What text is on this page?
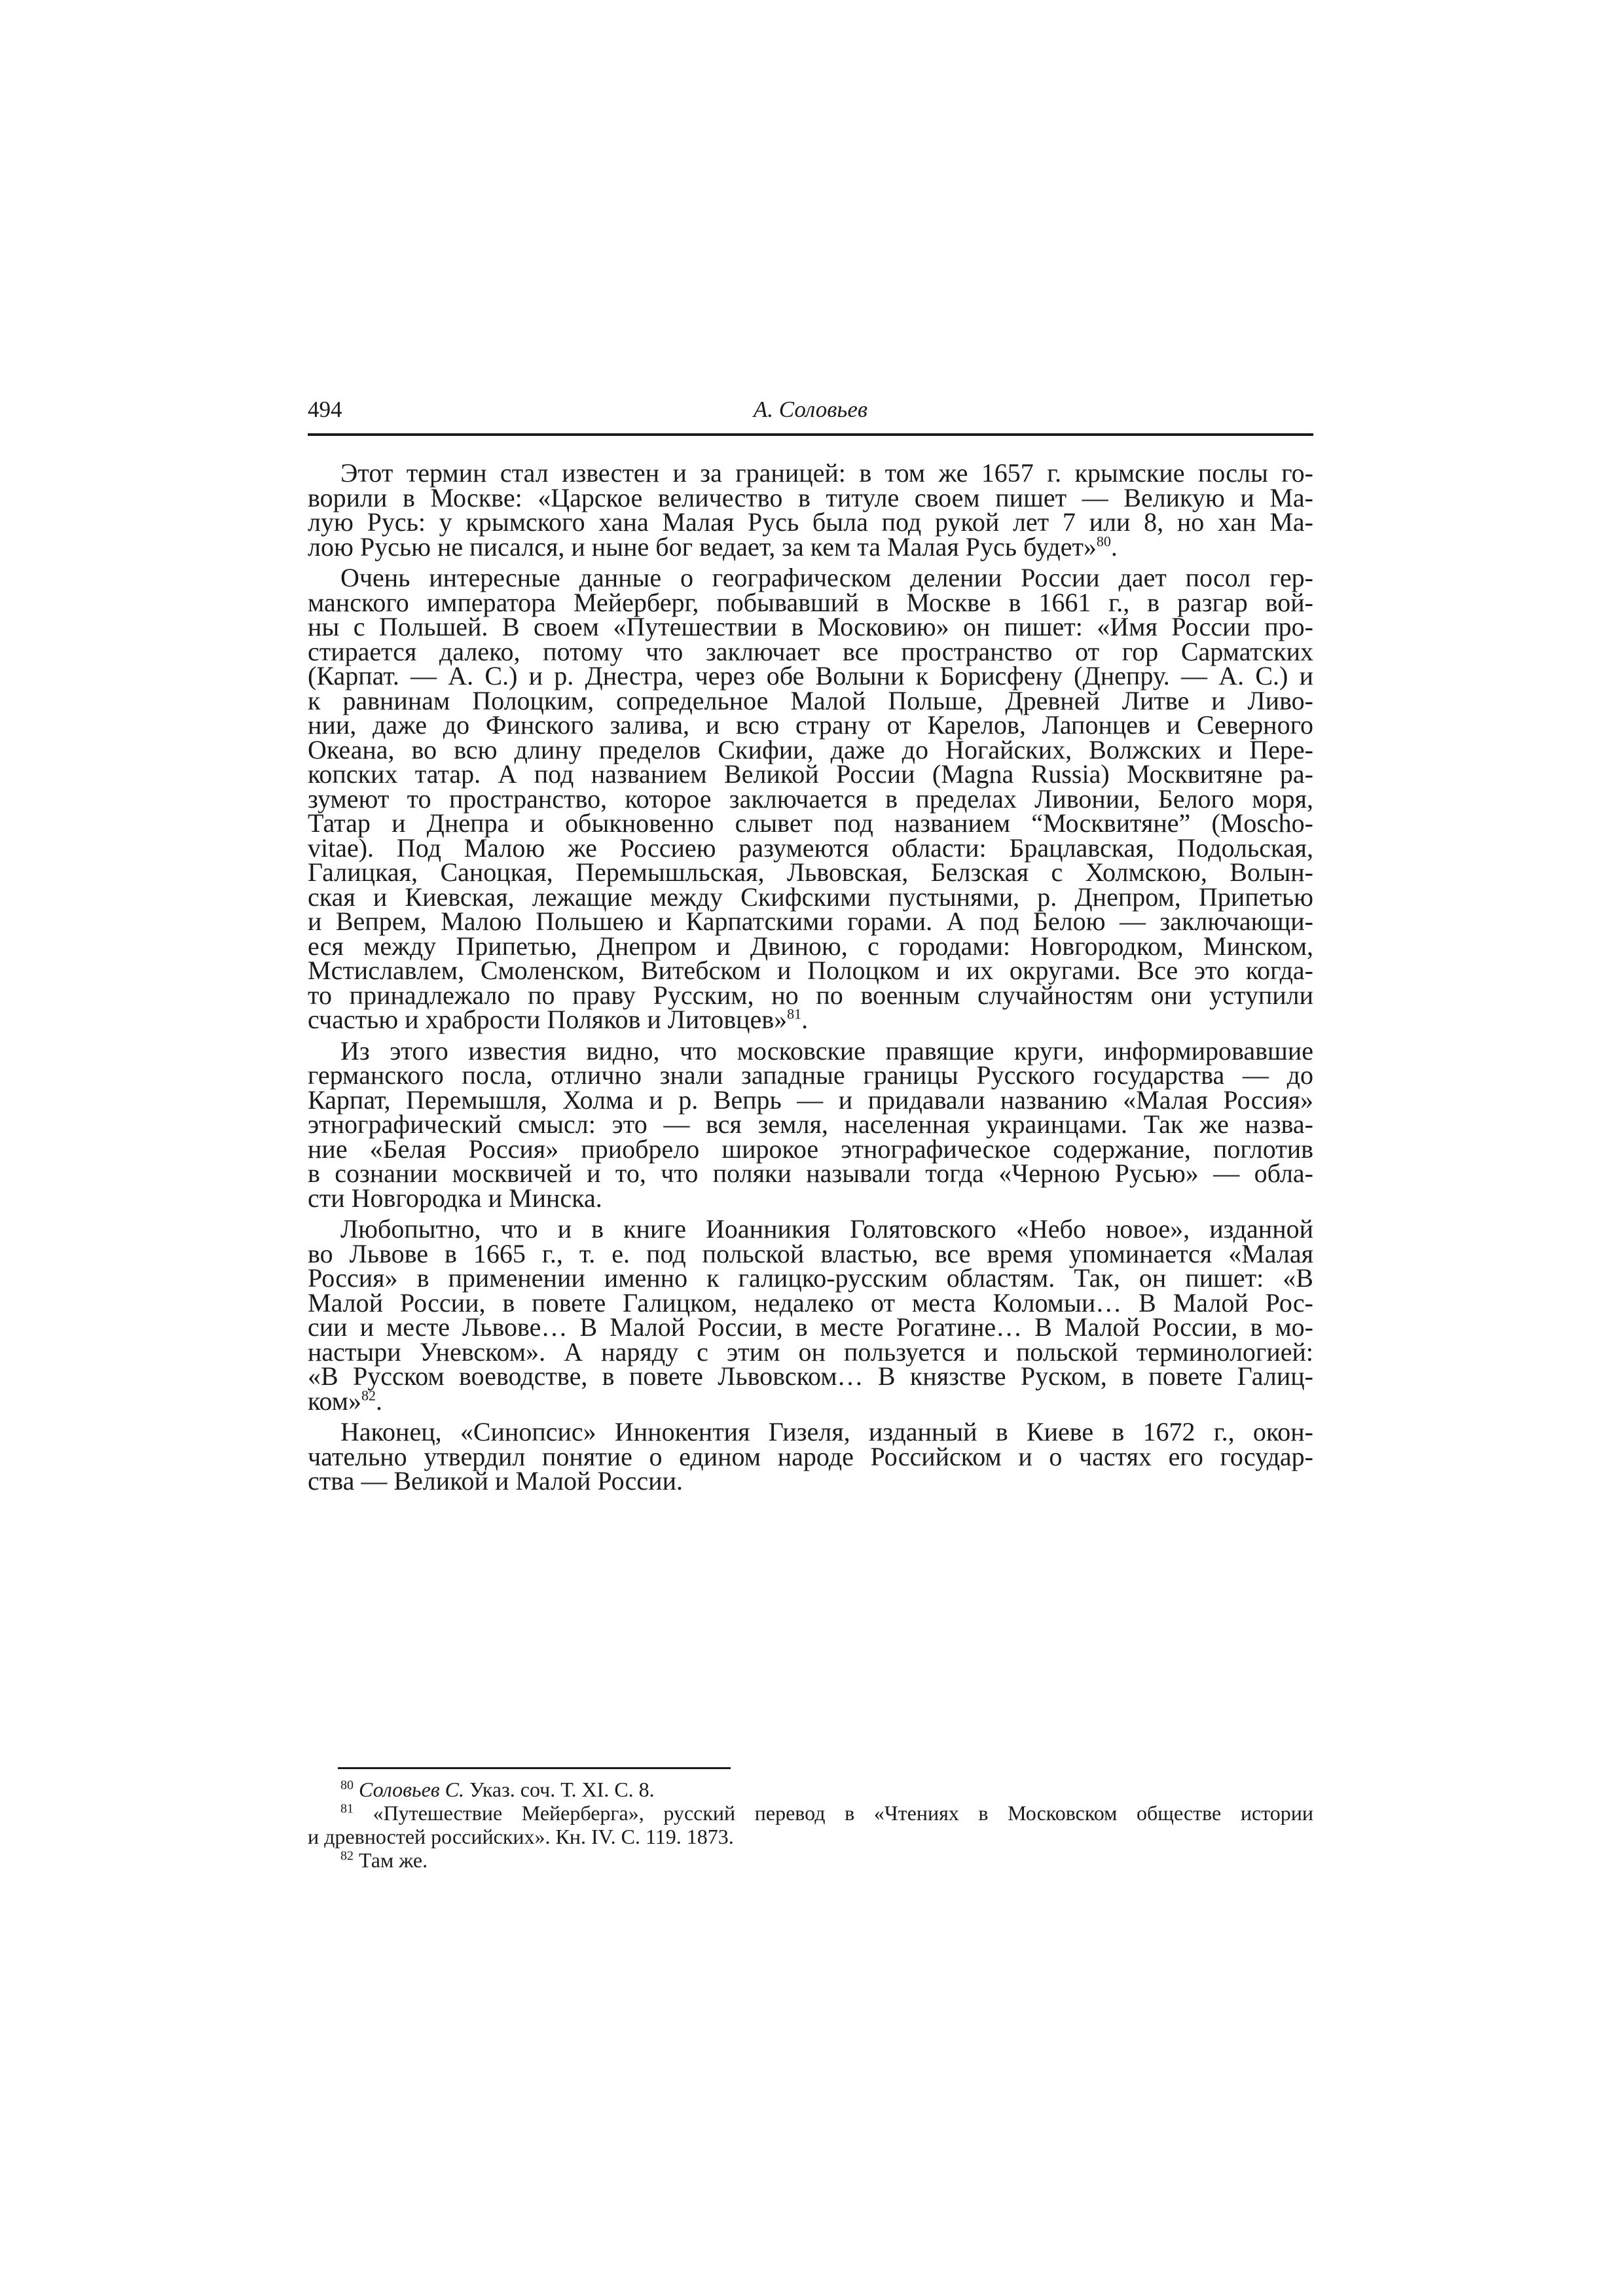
494	А. Соловьев

Этот термин стал известен и за границей: в том же 1657 г. крымские послы го-
ворили в Москве: «Царское величество в титуле своем пишет — Великую и Ма-
лую Русь: у крымского хана Малая Русь была под рукой лет 7 или 8, но хан Ма-
лою Русью не писался, и ныне бог ведает, за кем та Малая Русь будет»$^{80}$.

Очень интересные данные о географическом делении России дает посол гер-
манского императора Мейерберг, побывавший в Москве в 1661 г., в разгар вой-
ны с Польшей. В своем «Путешествии в Московию» он пишет: «Имя России про-
стирается далеко, потому что заключает все пространство от гор Сарматских
(Карпат. — А. С.) и р. Днестра, через обе Волыни к Борисфену (Днепру. — А. С.) и
к равнинам Полоцким, сопредельное Малой Польше, Древней Литве и Ливо-
нии, даже до Финского залива, и всю страну от Карелов, Лапонцев и Северного
Океана, во всю длину пределов Скифии, даже до Ногайских, Волжских и Пере-
копских татар. А под названием Великой России (Magna Russia) Москвитяне ра-
зумеют то пространство, которое заключается в пределах Ливонии, Белого моря,
Татар и Днепра и обыкновенно слывет под названием “Москвитяне” (Moscho-
vitae). Под Малою же Россиею разумеются области: Брацлавская, Подольская,
Галицкая, Саноцкая, Перемышльская, Львовская, Белзская с Холмскою, Волын-
ская и Киевская, лежащие между Скифскими пустынями, р. Днепром, Припетью
и Вепрем, Малою Польшею и Карпатскими горами. А под Белою — заключающи-
еся между Припетью, Днепром и Двиною, с городами: Новгородком, Минском,
Мстиславлем, Смоленском, Витебском и Полоцком и их округами. Все это когда-
то принадлежало по праву Русским, но по военным случайностям они уступили
счастью и храбрости Поляков и Литовцев»$^{81}$.

Из этого известия видно, что московские правящие круги, информировавшие
германского посла, отлично знали западные границы Русского государства — до
Карпат, Перемышля, Холма и р. Вепрь — и придавали названию «Малая Россия»
этнографический смысл: это — вся земля, населенная украинцами. Так же назва-
ние «Белая Россия» приобрело широкое этнографическое содержание, поглотив
в сознании москвичей и то, что поляки называли тогда «Черною Русью» — обла-
сти Новгородка и Минска.

Любопытно, что и в книге Иоанникия Голятовского «Небо новое», изданной
во Львове в 1665 г., т. е. под польской властью, все время упоминается «Малая
Россия» в применении именно к галицко-русским областям. Так, он пишет: «В
Малой России, в повете Галицком, недалеко от места Коломыи… В Малой Рос-
сии и месте Львове… В Малой России, в месте Рогатине… В Малой России, в мо-
настыри Уневском». А наряду с этим он пользуется и польской терминологией:
«В Русском воеводстве, в повете Львовском… В князстве Руском, в повете Галиц-
ком»$^{82}$.

Наконец, «Синопсис» Иннокентия Гизеля, изданный в Киеве в 1672 г., окон-
чательно утвердил понятие о едином народе Российском и о частях его государ-
ства — Великой и Малой России.

$^{80}$ Соловьев С. Указ. соч. Т. XI. С. 8.

$^{81}$ «Путешествие Мейерберга», русский перевод в «Чтениях в Московском обществе истории
и древностей российских». Кн. IV. С. 119. 1873.

$^{82}$ Там же.
